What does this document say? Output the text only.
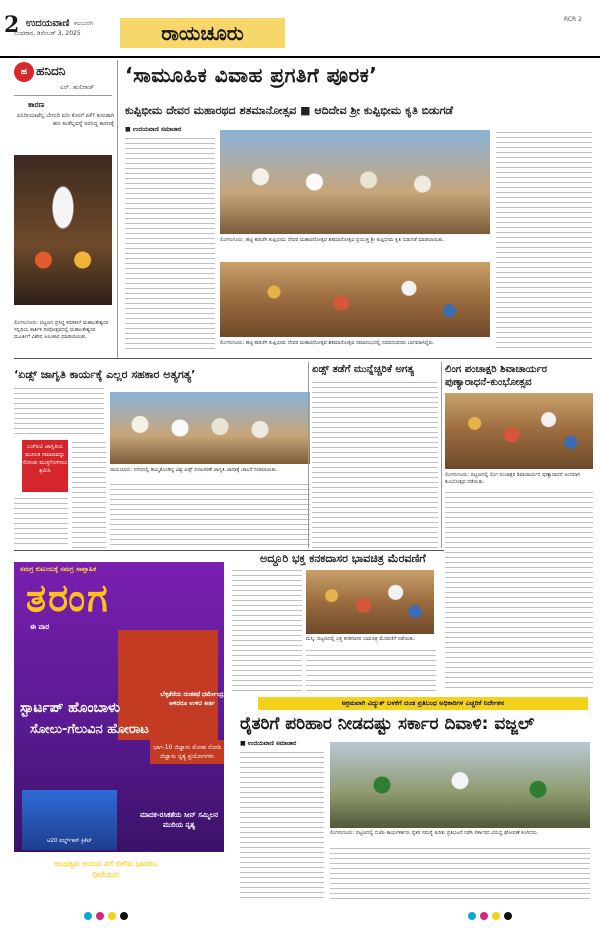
2 ಉದಯವಾಣಿ ಕಲಬುರಗಿ
ಬುಧವಾರ, ಡಿಸೆಂಬರ್ 3, 2025	ರಾಯಚೂರು
RCR 2
ಹ ಹನಿದನಿ
ಎನ್. ಹುಲಿರಾಜ್
ಕಾರಣ
ಏನಿದೀಯಾಟೆಲ್ಲ ಬೇಗುದಿ ಏನೀ ಕೊರಗೆ ಏಕೆ? ಕುರುಡಾಗಿ ಹಣ ಕಂಡೆಲ್ಲವನ್ನೆ ಅರಸಿದ್ದ ಕಾರಣಕ್ಕೆ
ಲಿಂಗಸುಗೂರು: ಪಟ್ಟಣದ ಪ್ರಸಿದ್ಧ ಕರಡಕಲ್ ಮಹಾಂತೇಶ್ವರರ ಸನ್ನಿಧಿಯ ಕಾರ್ತಿಕ ದೀಪೋತ್ಸವದಲ್ಲಿ ಮಹಾಂತೇಶ್ವರರ ಮೂರ್ತಿಗೆ ವಿಶೇಷ ಅಲಂಕಾರ ಮಾಡಲಾಯಿತು.
‘ಸಾಮೂಹಿಕ ವಿವಾಹ ಪ್ರಗತಿಗೆ ಪೂರಕ’
ಕುಪ್ಪಿಭೀಮ ದೇವರ ಮಹಾರಥದ ಶತಮಾನೋತ್ಸವ ■ ಆದಿದೇವ ಶ್ರೀ ಕುಪ್ಪಿಭೀಮ ಕೃತಿ ಬಿಡುಗಡೆ
■ ಉದಯವಾಣಿ ಸಮಾಚಾರ
ಲಿಂಗಸುಗೂರು: ಹಟ್ಟಿ ಕಾರಿಚೆಗಿ ಕುಪ್ಪಿಭೀಮ ದೇವರ ಮಹಾರಥೋತ್ಸವ ಶತಮಾನೋತ್ಸವ ಪ್ರಯುಕ್ತ ಶ್ರೀ ಕುಪ್ಪಿಭೀಮ ಕೃತಿ ಬಿಡುಗಡೆ ಮಾಡಲಾಯಿತು.
ಲಿಂಗಸುಗೂರು: ಹಟ್ಟಿ ಕಾರಿಚೆಗಿ ಕುಪ್ಪಿಭೀಮ ದೇವರ ಮಹಾರಥೋತ್ಸವ ಶತಮಾನೋತ್ಸವ ಸಮಾರಂಭದಲ್ಲಿ ನವವಧುವರರು ಭಾಗವಹಿಸಿದ್ದರು.
‘ಏಡ್ಸ್ ಜಾಗೃತಿ ಕಾರ್ಯಕ್ಕೆ ಎಲ್ಲರ ಸಹಕಾರ ಅತ್ಯಗತ್ಯ’
ಎಚ್‌ಐವಿ ಜಾಗೃತಿಯ ಮೂಲಕ ಸಮಾಜವನ್ನು ಸೋಂಕು ಮುಕ್ತಗೊಳಿಸಲು ಶ್ರಮಿಸಿ	ರಾಯಚೂರು: ನಗರದಲ್ಲಿ ಹಮ್ಮಿಕೊಂಡಿದ್ದ ವಿಶ್ವ ಏಡ್ಸ್ ದಿನಾಚರಣೆ ಜಾಗೃತಿ ಜಾಥಾಕ್ಕೆ ಚಾಲನೆ ನೀಡಲಾಯಿತು.
ಏಡ್ಸ್ ತಡೆಗೆ ಮುನ್ನೆಚ್ಚರಿಕೆ ಅಗತ್ಯ	ಲಿಂಗ ಪಂಚಾಕ್ಷರಿ ಶಿವಾಚಾರ್ಯರ ಪುಣ್ಯಾರಾಧನೆ-ಕುಂಭೋತ್ಸವ
ಲಿಂಗಸುಗೂರು: ಪಟ್ಟಣದಲ್ಲಿ ಲಿಂಗ ಪಂಚಾಕ್ಷರಿ ಶಿವಾಚಾರ್ಯರ ಪುಣ್ಯಾರಾಧನೆ ಅಂಗವಾಗಿ ಕುಂಭೋತ್ಸವ ನಡೆಯಿತು.
ಸಮಗ್ರ ಕುಟುಂಬಕ್ಕೆ ಸಮಗ್ರ ಸಾಪ್ತಾಹಿಕ
ತರಂಗ
ಈ ವಾರ
ಬೆಳ್ಳಿತೆರೆಯ ದಂತಕಥೆ ಧರ್ಮೇಂದ್ರ ಅಳಿದರೂ ಉಳಿದ ಕೀರ್ತಿ
ಸ್ಟಾರ್ಟಪ್ ಹೊಂಬಾಳು
ಸೋಲು-ಗೆಲುವಿನ ಹೋರಾಟ
ಭಾಗ-10 ಜಿಜ್ಞಾಸು ಮೋಹ ನೋಡಿ ಜಿಜ್ಞಾಸು ನೃತ್ಯ ಪ್ರಯೋಗಗಳು
ಟಿ20 ವರ್ಲ್ಡ್‌ಕಪ್ ಕ್ರಿಕೆಟ್
ಮಾದಕ-ರಸಿಕತೆಯ ಸೀನ್ ಸಮ್ಮಿಲನ ಮುರಿಯ ನೃತ್ಯ
ಅಂಧತ್ವದ ಜಯದ ನಗೆ ಬೀರಿದ ಭಾರತದ ಧೀರೆಯರು
ಸರಳತ್ವದ ಹುಡಯ ಸೆರೆಯಲ್ಲಿ ಸಂಗಡಿಗರ ಹೆಜ್ಜೆಗಳು
ಅದ್ದೂರಿ ಭಕ್ತ ಕನಕದಾಸರ ಭಾವಚಿತ್ರ ಮೆರವಣಿಗೆ
ಮಸ್ಕಿ: ಪಟ್ಟಣದಲ್ಲಿ ಭಕ್ತ ಕನಕದಾಸರ ಭಾವಚಿತ್ರ ಮೆರವಣಿಗೆ ನಡೆಯಿತು.
ಅಕ್ರಮವಾಗಿ ವಿದ್ಯುತ್ ಬಳಕೆಗೆ ದಂಡ ಪ್ರತಿಬಂಧ ಅಧಿಕಾರಿಗಳ ಎಚ್ಚರಿಕೆ ನಿರ್ದೇಶನ
ರೈತರಿಗೆ ಪರಿಹಾರ ನೀಡದಷ್ಟು ಸರ್ಕಾರ ದಿವಾಳಿ: ವಜ್ಜಲ್
■ ಉದಯವಾಣಿ ಸಮಾಚಾರ
ಲಿಂಗಸುಗೂರು: ಪಟ್ಟಣದಲ್ಲಿ ಬಿಜೆಪಿ ಕಾರ್ಯಕರ್ತರು ರೈತರ ಸಮಸ್ಯೆ ಕುರಿತು ಪ್ರತಿಭಟನೆ ನಡೆಸಿ ಸರ್ಕಾರದ ವಿರುದ್ಧ ಘೋಷಣೆ ಕೂಗಿದರು.
